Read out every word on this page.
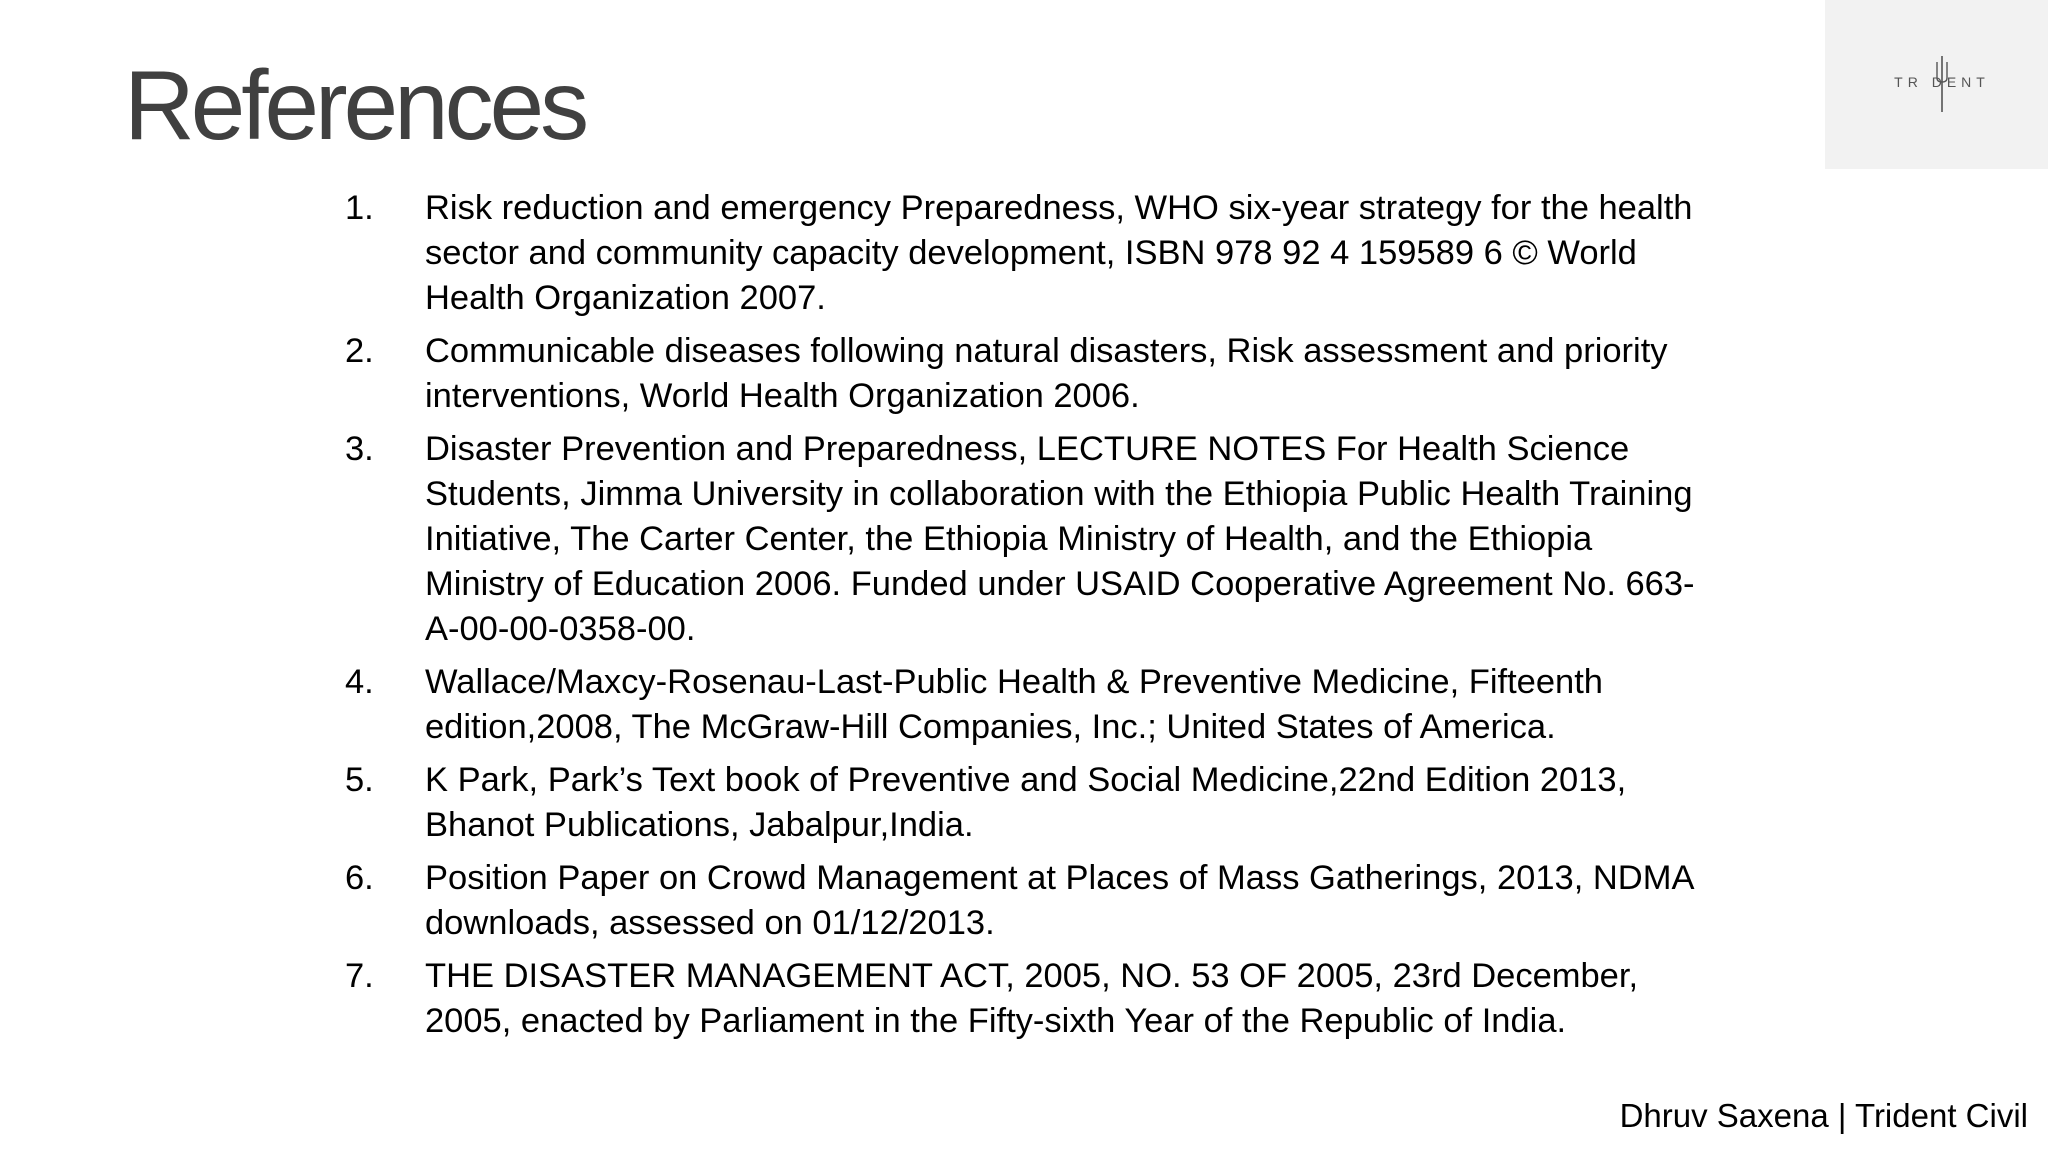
References	TR DENT
1. Risk reduction and emergency Preparedness, WHO six-year strategy for the health sector and community capacity development, ISBN 978 92 4 159589 6 © World Health Organization 2007.
2. Communicable diseases following natural disasters, Risk assessment and priority interventions, World Health Organization 2006.
3. Disaster Prevention and Preparedness, LECTURE NOTES For Health Science Students, Jimma University in collaboration with the Ethiopia Public Health Training Initiative, The Carter Center, the Ethiopia Ministry of Health, and the Ethiopia Ministry of Education 2006. Funded under USAID Cooperative Agreement No. 663-A-00-00-0358-00.
4. Wallace/Maxcy-Rosenau-Last-Public Health & Preventive Medicine, Fifteenth edition,2008, The McGraw-Hill Companies, Inc.; United States of America.
5. K Park, Park’s Text book of Preventive and Social Medicine,22nd Edition 2013, Bhanot Publications, Jabalpur,India.
6. Position Paper on Crowd Management at Places of Mass Gatherings, 2013, NDMA downloads, assessed on 01/12/2013.
7. THE DISASTER MANAGEMENT ACT, 2005, NO. 53 OF 2005, 23rd December, 2005, enacted by Parliament in the Fifty-sixth Year of the Republic of India.
Dhruv Saxena | Trident Civil
